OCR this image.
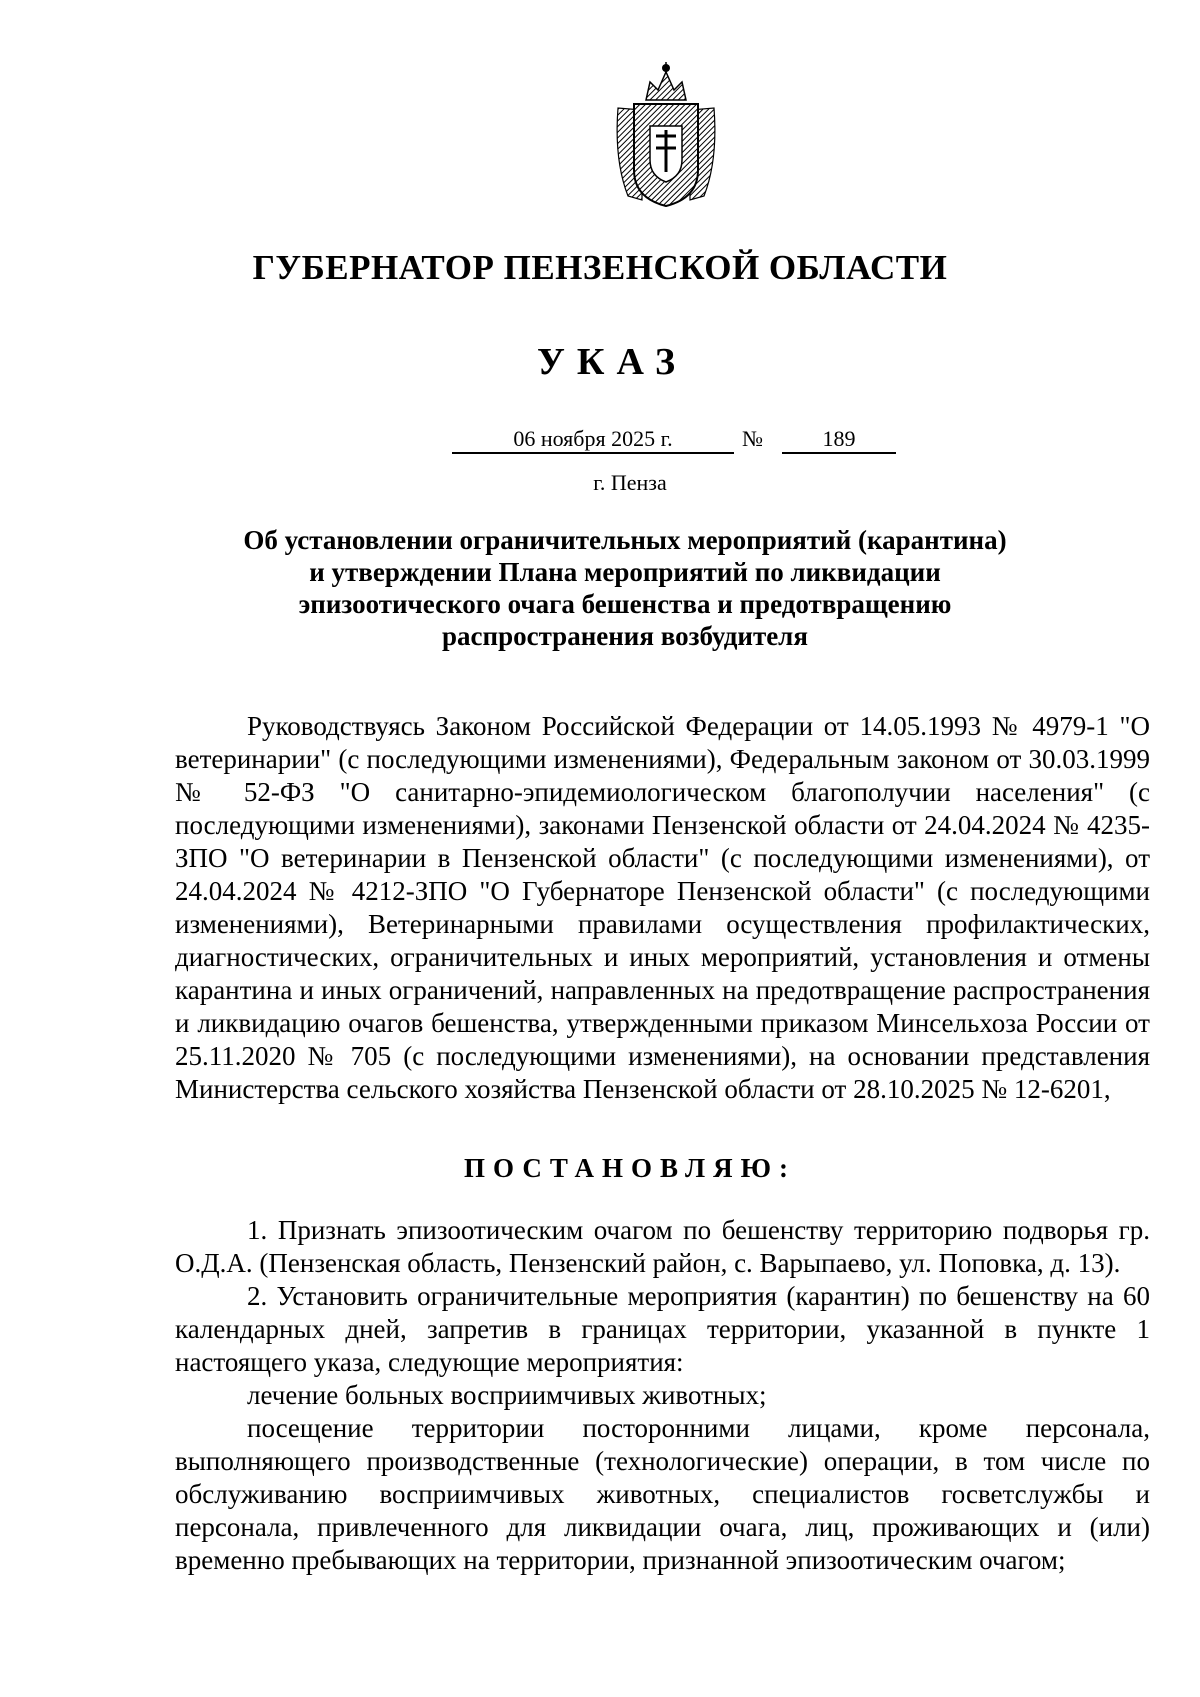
ГУБЕРНАТОР ПЕНЗЕНСКОЙ ОБЛАСТИ
УКАЗ
06 ноября 2025 г.	№	189
г. Пенза
Об установлении ограничительных мероприятий (карантина)
и утверждении Плана мероприятий по ликвидации
эпизоотического очага бешенства и предотвращению
распространения возбудителя

Руководствуясь Законом Российской Федерации от 14.05.1993 № 4979-1 "О ветеринарии" (с последующими изменениями), Федеральным законом от 30.03.1999 № 52-ФЗ "О санитарно-эпидемиологическом благополучии населения" (с последующими изменениями), законами Пензенской области от 24.04.2024 № 4235-ЗПО "О ветеринарии в Пензенской области" (с последующими изменениями), от 24.04.2024 № 4212-ЗПО "О Губернаторе Пензенской области" (с последующими изменениями), Ветеринарными правилами осуществления профилактических, диагностических, ограничительных и иных мероприятий, установления и отмены карантина и иных ограничений, направленных на предотвращение распространения и ликвидацию очагов бешенства, утвержденными приказом Минсельхоза России от 25.11.2020 № 705 (с последующими изменениями), на основании представления Министерства сельского хозяйства Пензенской области от 28.10.2025 № 12-6201,

ПОСТАНОВЛЯЮ:

1. Признать эпизоотическим очагом по бешенству территорию подворья гр. О.Д.А. (Пензенская область, Пензенский район, с. Варыпаево, ул. Поповка, д. 13).

2. Установить ограничительные мероприятия (карантин) по бешенству на 60 календарных дней, запретив в границах территории, указанной в пункте 1 настоящего указа, следующие мероприятия:

лечение больных восприимчивых животных;

посещение территории посторонними лицами, кроме персонала, выполняющего производственные (технологические) операции, в том числе по обслуживанию восприимчивых животных, специалистов госветслужбы и персонала, привлеченного для ликвидации очага, лиц, проживающих и (или) временно пребывающих на территории, признанной эпизоотическим очагом;
